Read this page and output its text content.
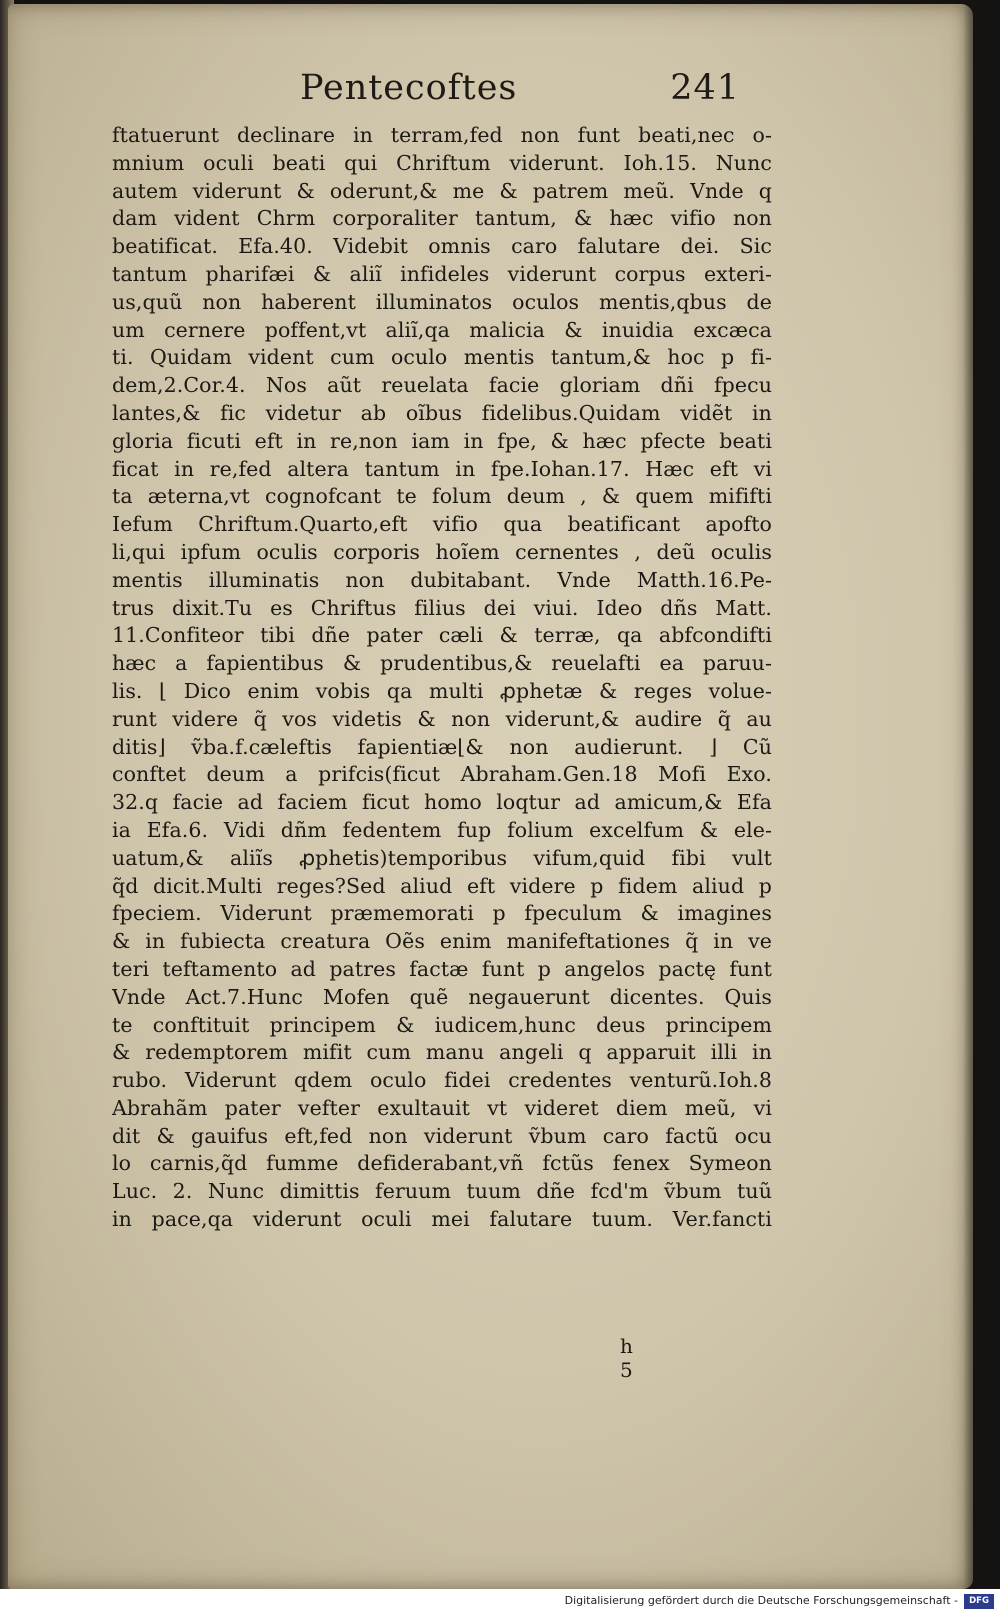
Pentecoftes	241
ftatuerunt declinare in terram,fed non funt beati,nec o-
mnium oculi beati qui Chriftum viderunt. Ioh.15. Nunc
autem viderunt & oderunt,& me & patrem meũ. Vnde q
dam vident Chrm corporaliter tantum, & hæc vifio non
beatificat. Efa.40. Videbit omnis caro falutare dei. Sic
tantum pharifæi & aliĩ infideles viderunt corpus exteri-
us,quũ non haberent illuminatos oculos mentis,qbus de
um cernere poffent,vt aliĩ,qa malicia & inuidia excæca
ti. Quidam vident cum oculo mentis tantum,& hoc p fi-
dem,2.Cor.4. Nos aũt reuelata facie gloriam dñi fpecu
lantes,& fic videtur ab oĩbus fidelibus.Quidam vidẽt in
gloria ficuti eft in re,non iam in fpe, & hæc pfecte beati
ficat in re,fed altera tantum in fpe.Iohan.17. Hæc eft vi
ta æterna,vt cognofcant te folum deum , & quem mififti
Iefum Chriftum.Quarto,eft vifio qua beatificant apofto
li,qui ipfum oculis corporis hoĩem cernentes , deũ oculis
mentis illuminatis non dubitabant. Vnde Matth.16.Pe-
trus dixit.Tu es Chriftus filius dei viui. Ideo dñs Matt.
11.Confiteor tibi dñe pater cæli & terræ, qa abfcondifti
hæc a fapientibus & prudentibus,& reuelafti ea paruu-
lis. ⌊ Dico enim vobis qa multi ꝓphetæ & reges volue-
runt videre q̃ vos videtis & non viderunt,& audire q̃ au
ditis⌋ ṽba.f.cæleftis fapientiæ⌊& non audierunt. ⌋ Cũ
conftet deum a prifcis(ficut Abraham.Gen.18 Mofi Exo.
32.q facie ad faciem ficut homo loqtur ad amicum,& Efa
ia Efa.6. Vidi dñm fedentem fup folium excelfum & ele-
uatum,& aliĩs ꝓphetis)temporibus vifum,quid fibi vult
q̃d dicit.Multi reges?Sed aliud eft videre p fidem aliud p
fpeciem. Viderunt præmemorati p fpeculum & imagines
& in fubiecta creatura Oẽs enim manifeftationes q̃ in ve
teri teftamento ad patres factæ funt p angelos pactę funt
Vnde Act.7.Hunc Mofen quẽ negauerunt dicentes. Quis
te conftituit principem & iudicem,hunc deus principem
& redemptorem mifit cum manu angeli q apparuit illi in
rubo. Viderunt qdem oculo fidei credentes venturũ.Ioh.8
Abrahãm pater vefter exultauit vt videret diem meũ, vi
dit & gauifus eft,fed non viderunt ṽbum caro factũ ocu
lo carnis,q̃d fumme defiderabant,vñ fctũs fenex Symeon
Luc. 2. Nunc dimittis feruum tuum dñe fcd'm ṽbum tuũ
in pace,qa viderunt oculi mei falutare tuum. Ver.fancti
h 5
Digitalisierung gefördert durch die Deutsche Forschungsgemeinschaft -	DFG
